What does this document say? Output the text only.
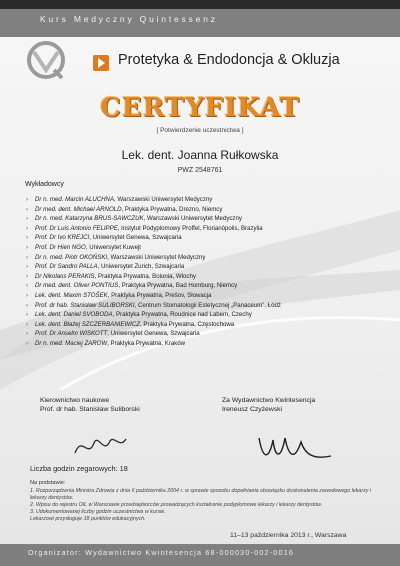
Kurs Medyczny Quintessenz
Protetyka & Endodoncja & Okluzja
CERTYFIKAT
[ Potwierdzenie uczestnictwa ]
Lek. dent. Joanna Rułkowska
PWZ 2548761
Wykładowcy
› Dr n. med. Marcin ALUCHNA, Warszawski Uniwersytet Medyczny
› Dr med. dent. Michael ARNOLD, Praktyka Prywatna, Drezno, Niemcy
› Dr n. med. Katarzyna BRUS-SAWCZUK, Warszawski Uniwersytet Medyczny
› Prof. Dr Luis Antonio FELIPPE, Instytut Podyplomowy Proffel, Florianópolis, Brazylia
› Prof. Dr Ivo KREJCI, Uniwersytet Genewa, Szwajcaria
› Prof. Dr Hien NGO, Uniwersytet Kuwejt
› Dr n. med. Piotr OKOŃSKI, Warszawski Uniwersytet Medyczny
› Prof. Dr Sandro PALLA, Uniwersytet Zurich, Szwajcaria
› Dr Nikolaos PERAKIS, Praktyka Prywatna, Bolonia, Włochy
› Dr med. dent. Oliver PONTIUS, Praktyka Prywatna, Bad Homburg, Niemcy
› Lek. dent. Maxim STOŠEK, Praktyka Prywatna, Prešov, Słowacja
› Prof. dr hab. Stanisław SULIBORSKI, Centrum Stomatologii Estetycznej „Panaceum”, Łódź
› Lek. dent. Daniel SVOBODA, Praktyka Prywatna, Roudnice nad Labem, Czechy
› Lek. dent. Błażej SZCZERBANIEWICZ, Praktyka Prywatna, Częstochowa
› Prof. Dr Anselm WISKOTT, Uniwersytet Genewa, Szwajcaria
› Dr n. med. Maciej ŻAROW, Praktyka Prywatna, Kraków
Kierownictwo naukowe
Prof. dr hab. Stanisław Suliborski
Za Wydawnictwo Kwintesencja
Ireneusz Czyżewski
Liczba godzin zegarowych: 18
Na podstawie:
1. Rozporządzenia Ministra Zdrowia z dnia 6 października 2004 r. w sprawie sposobu dopełniania obowiązku doskonalenia zawodowego lekarzy i lekarzy dentystów.
2. Wpisu do rejestru OIL w Warszawie przedsiębiorców prowadzących kształcenie podyplomowe lekarzy i lekarzy dentystów.
3. Udokumentowanej liczby godzin uczestnictwa w kursie.
Lekarzowi przysługuje 18 punktów edukacyjnych.
11–13 października 2013 r., Warszawa
Organizator: Wydawnictwo Kwintesencja 68-000030-002-0016
